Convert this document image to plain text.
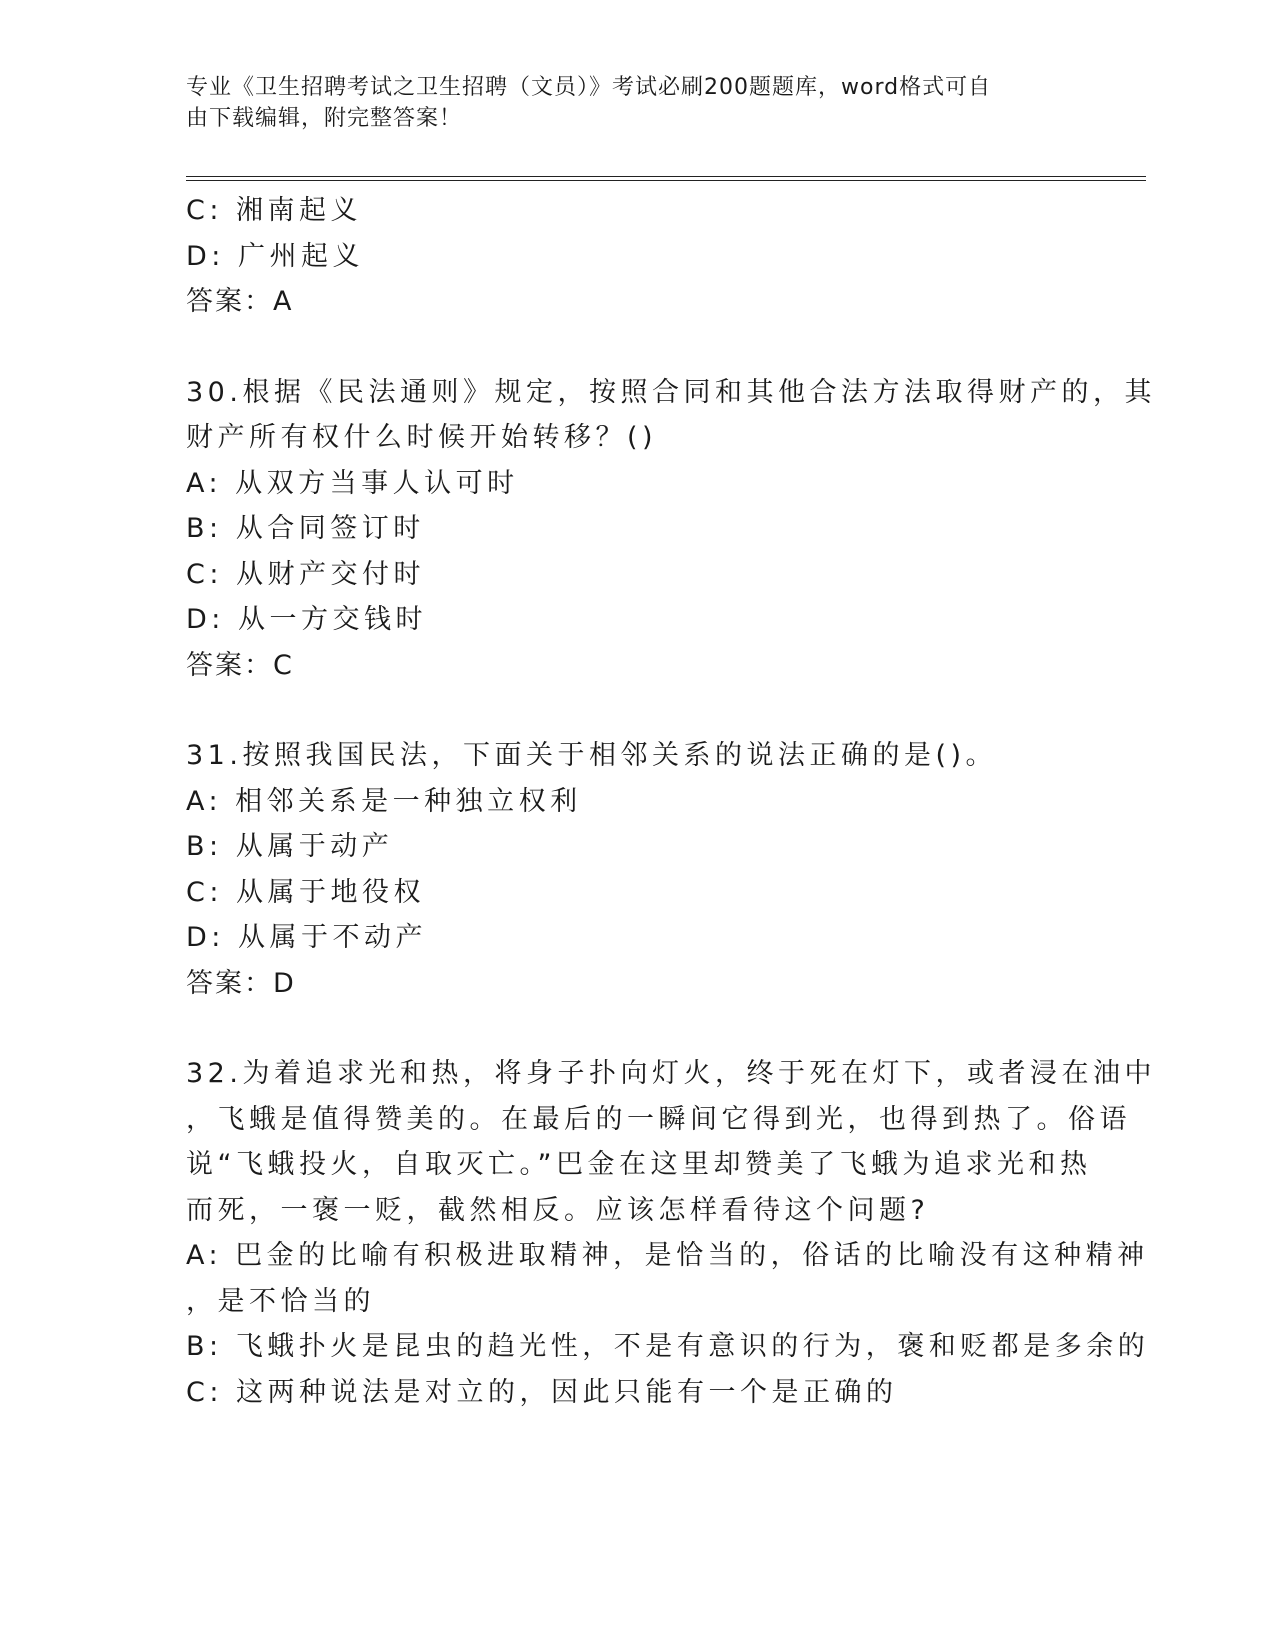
专业《卫生招聘考试之卫生招聘（文员）》考试必刷200题题库，word格式可自
由下载编辑，附完整答案！
C: 湘南起义
D: 广州起义
答案：A
30.根据《民法通则》规定，按照合同和其他合法方法取得财产的，其
财产所有权什么时候开始转移？()
A: 从双方当事人认可时
B: 从合同签订时
C: 从财产交付时
D: 从一方交钱时
答案：C
31.按照我国民法，下面关于相邻关系的说法正确的是()。
A: 相邻关系是一种独立权利
B: 从属于动产
C: 从属于地役权
D: 从属于不动产
答案：D
32.为着追求光和热，将身子扑向灯火，终于死在灯下，或者浸在油中
，飞蛾是值得赞美的。在最后的一瞬间它得到光，也得到热了。俗语
说“飞蛾投火，自取灭亡。”巴金在这里却赞美了飞蛾为追求光和热
而死，一褒一贬，截然相反。应该怎样看待这个问题?
A: 巴金的比喻有积极进取精神，是恰当的，俗话的比喻没有这种精神
，是不恰当的
B: 飞蛾扑火是昆虫的趋光性，不是有意识的行为，褒和贬都是多余的
C: 这两种说法是对立的，因此只能有一个是正确的
